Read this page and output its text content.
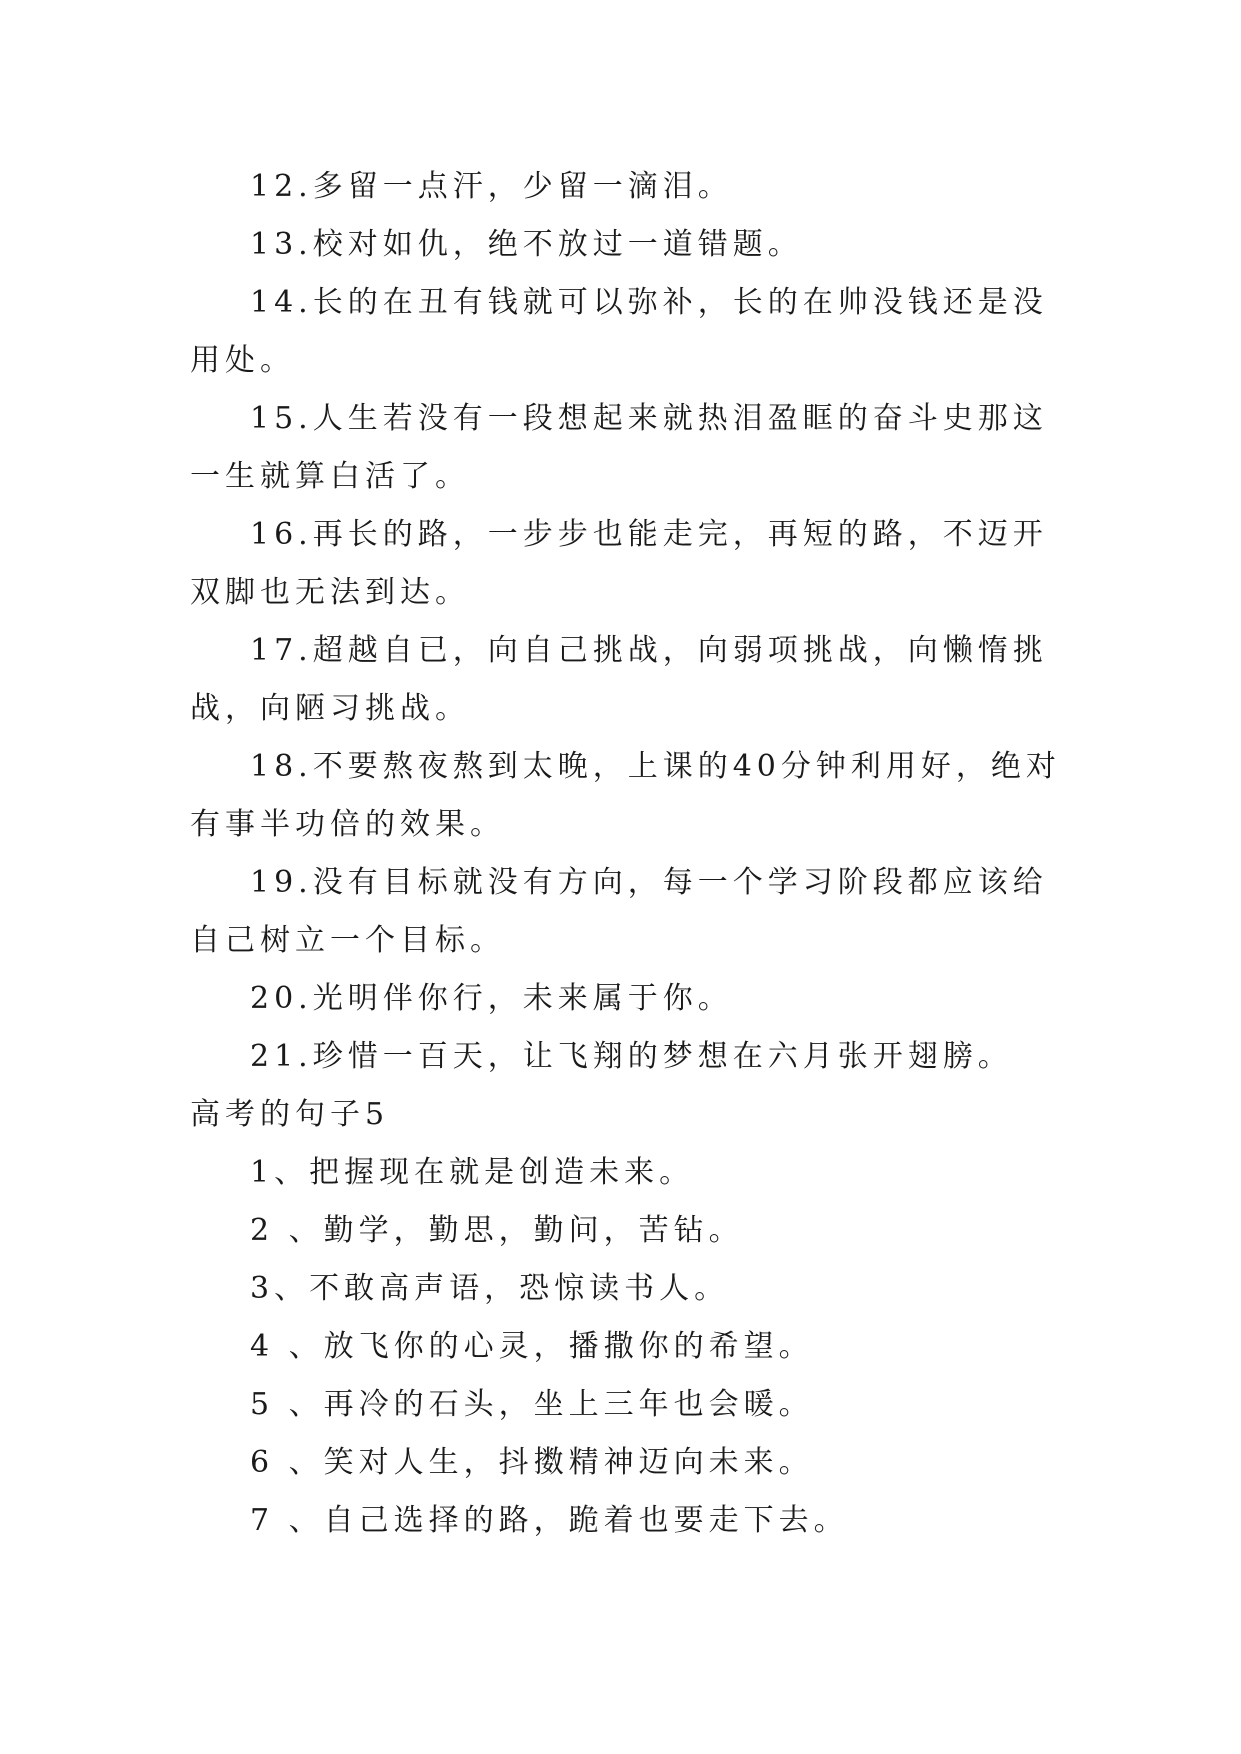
12.多留一点汗，少留一滴泪。

13.校对如仇，绝不放过一道错题。

14.长的在丑有钱就可以弥补，长的在帅没钱还是没用处。

15.人生若没有一段想起来就热泪盈眶的奋斗史那这一生就算白活了。

16.再长的路，一步步也能走完，再短的路，不迈开双脚也无法到达。

17.超越自已，向自己挑战，向弱项挑战，向懒惰挑战，向陋习挑战。

18.不要熬夜熬到太晚，上课的40分钟利用好，绝对有事半功倍的效果。

19.没有目标就没有方向，每一个学习阶段都应该给自己树立一个目标。

20.光明伴你行，未来属于你。

21.珍惜一百天，让飞翔的梦想在六月张开翅膀。

高考的句子5

1、把握现在就是创造未来。

2 、勤学，勤思，勤问，苦钻。

3、不敢高声语，恐惊读书人。

4 、放飞你的心灵，播撒你的希望。

5 、再冷的石头，坐上三年也会暖。

6 、笑对人生，抖擞精神迈向未来。

7 、自己选择的路，跪着也要走下去。
